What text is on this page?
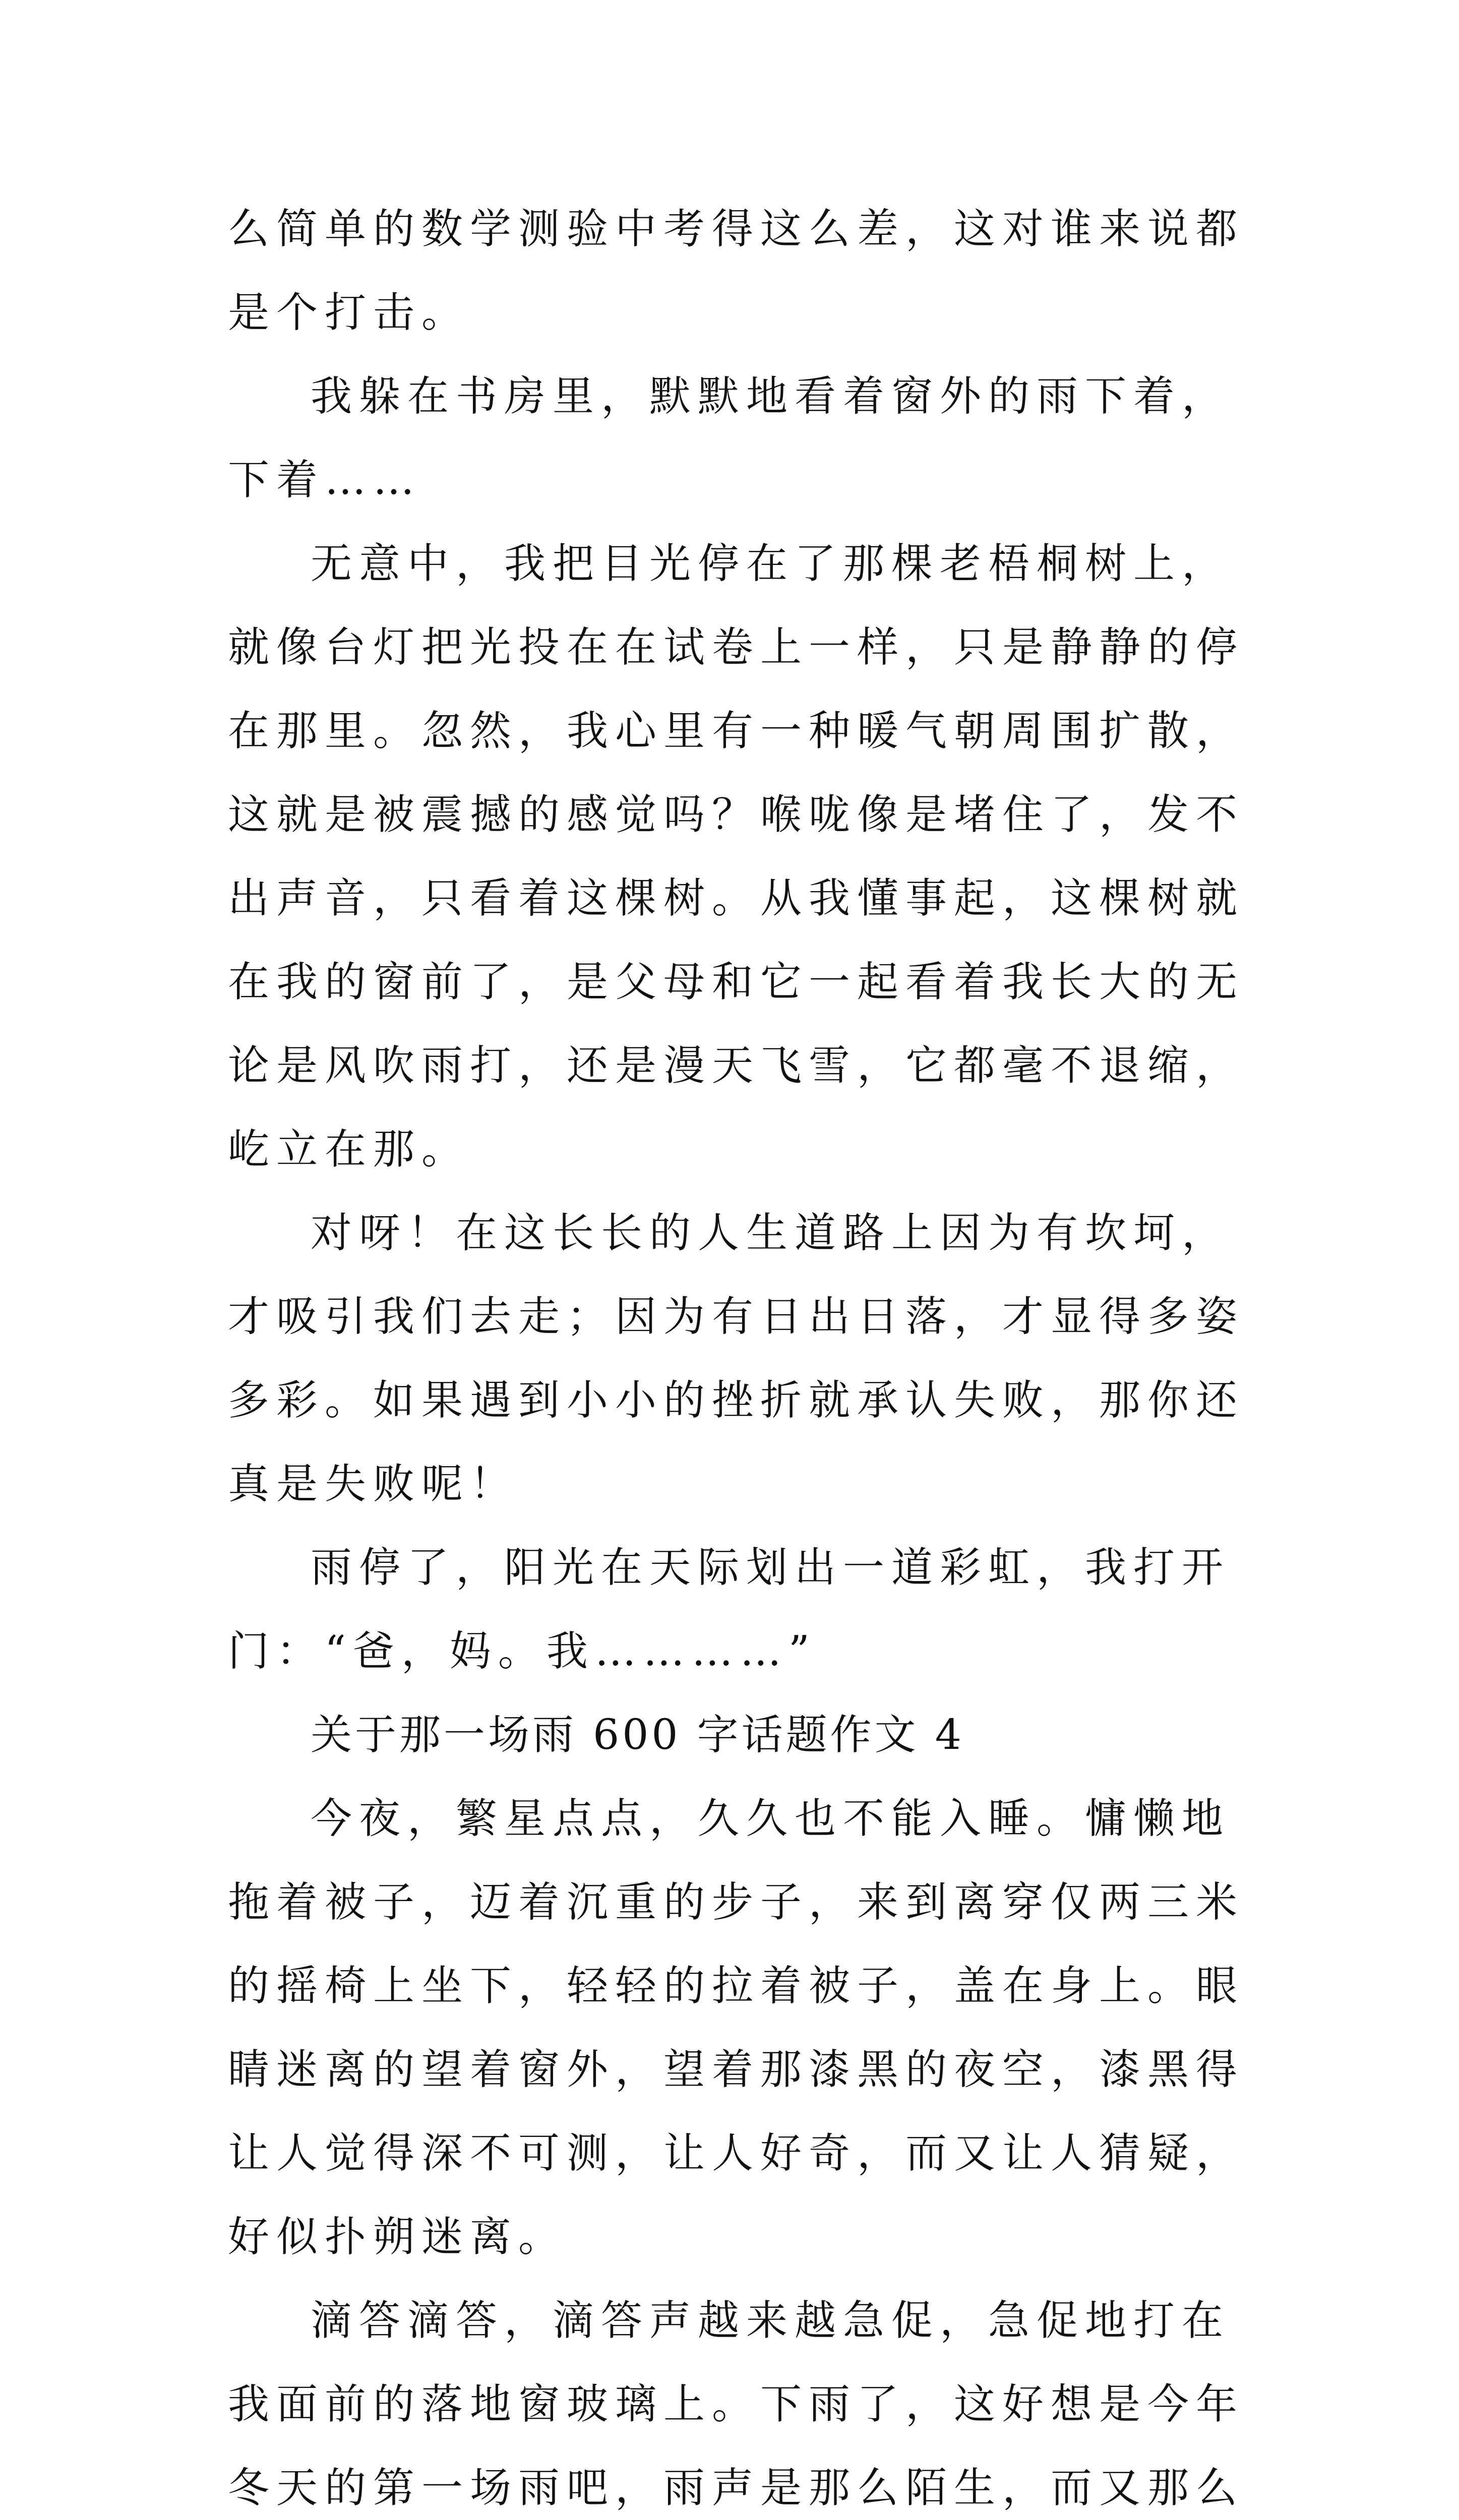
么简单的数学测验中考得这么差，这对谁来说都是个打击。

我躲在书房里，默默地看着窗外的雨下着，下着……

无意中，我把目光停在了那棵老梧桐树上，就像台灯把光投在在试卷上一样，只是静静的停在那里。忽然，我心里有一种暖气朝周围扩散，这就是被震撼的感觉吗？喉咙像是堵住了，发不出声音，只看着这棵树。从我懂事起，这棵树就在我的窗前了，是父母和它一起看着我长大的无论是风吹雨打，还是漫天飞雪，它都毫不退缩，屹立在那。

对呀！在这长长的人生道路上因为有坎坷，才吸引我们去走；因为有日出日落，才显得多姿多彩。如果遇到小小的挫折就承认失败，那你还真是失败呢！

雨停了，阳光在天际划出一道彩虹，我打开门：“爸，妈。我…………”

关于那一场雨 600 字话题作文 4

今夜，繁星点点，久久也不能入睡。慵懒地拖着被子，迈着沉重的步子，来到离穿仅两三米的摇椅上坐下，轻轻的拉着被子，盖在身上。眼睛迷离的望着窗外，望着那漆黑的夜空，漆黑得让人觉得深不可测，让人好奇，而又让人猜疑，好似扑朔迷离。

滴答滴答，滴答声越来越急促，急促地打在我面前的落地窗玻璃上。下雨了，这好想是今年冬天的第一场雨吧，雨声是那么陌生，而又那么
